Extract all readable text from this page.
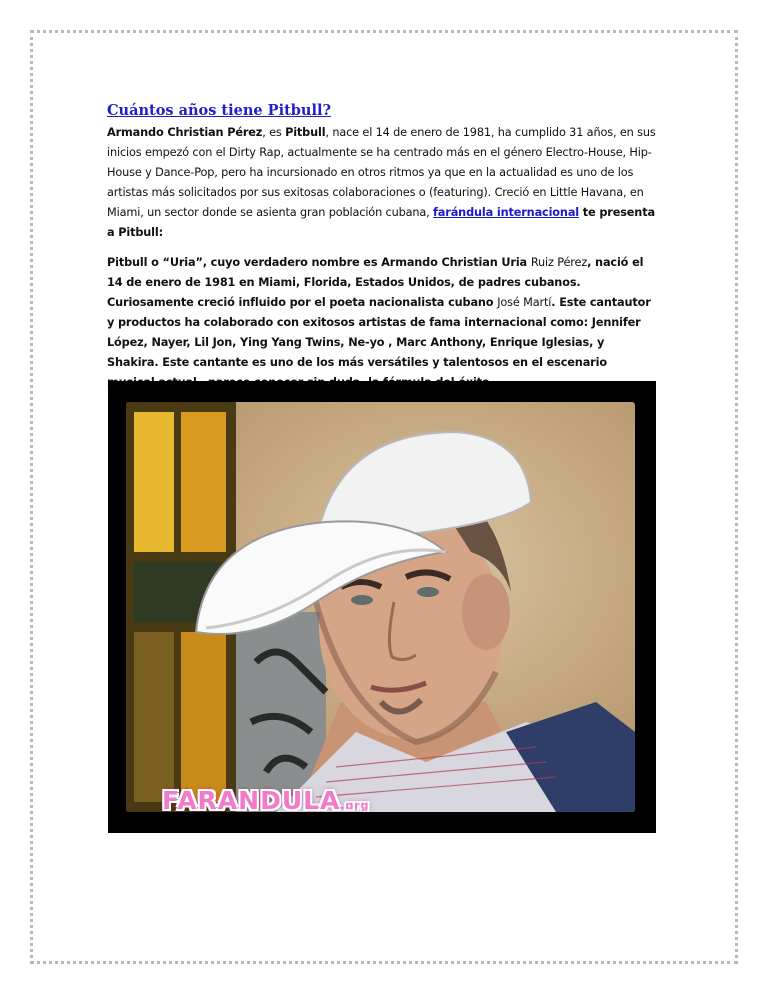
Cuántos años tiene Pitbull?

Armando Christian Pérez, es Pitbull, nace el 14 de enero de 1981, ha cumplido 31 años, en sus inicios empezó con el Dirty Rap, actualmente se ha centrado más en el género Electro-House, Hip-House y Dance-Pop, pero ha incursionado en otros ritmos ya que en la actualidad es uno de los artistas más solicitados por sus exitosas colaboraciones o (featuring). Creció en Little Havana, en Miami, un sector donde se asienta gran población cubana, farándula internacional te presenta a Pitbull:

Pitbull o “Uria”, cuyo verdadero nombre es Armando Christian Uria Ruiz Pérez, nació el 14 de enero de 1981 en Miami, Florida, Estados Unidos, de padres cubanos. Curiosamente creció influido por el poeta nacionalista cubano José Martí. Este cantautor y productos ha colaborado con exitosos artistas de fama internacional como: Jennifer López, Nayer, Lil Jon, Ying Yang Twins, Ne-yo , Marc Anthony, Enrique Iglesias, y Shakira. Este cantante es uno de los más versátiles y talentosos en el escenario

FARANDULA.org
